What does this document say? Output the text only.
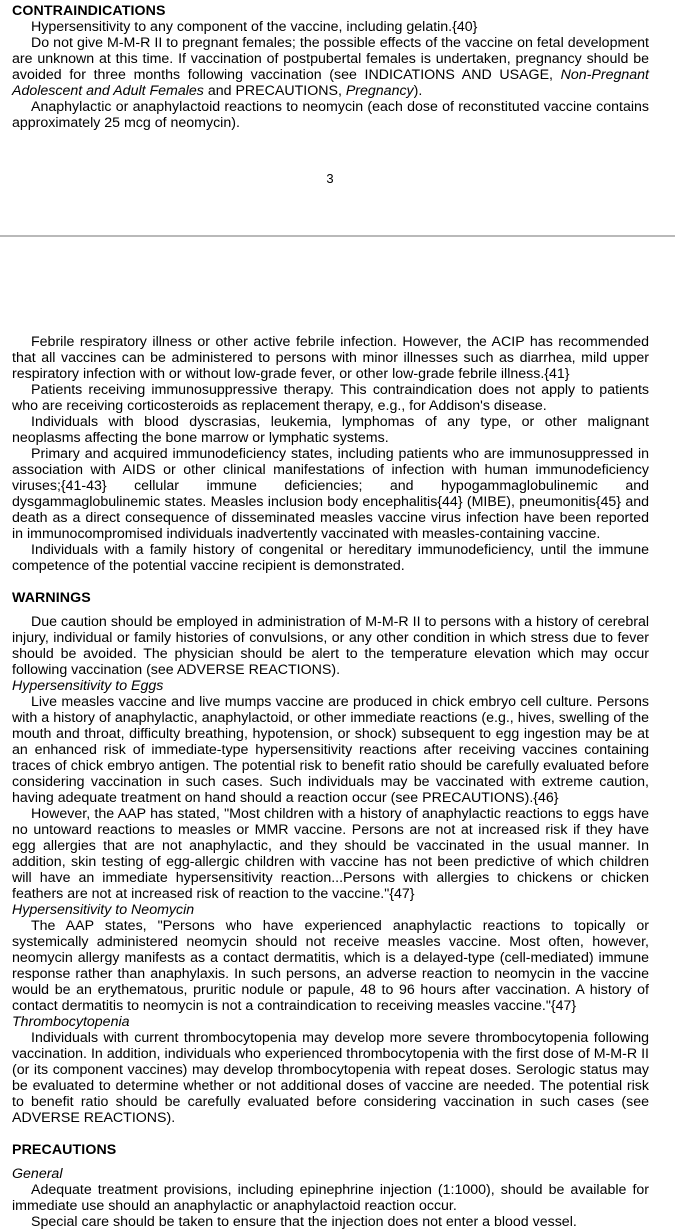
CONTRAINDICATIONS

Hypersensitivity to any component of the vaccine, including gelatin.{40}

Do not give M-M-R II to pregnant females; the possible effects of the vaccine on fetal development are unknown at this time. If vaccination of postpubertal females is undertaken, pregnancy should be avoided for three months following vaccination (see INDICATIONS AND USAGE, Non-Pregnant Adolescent and Adult Females and PRECAUTIONS, Pregnancy).

Anaphylactic or anaphylactoid reactions to neomycin (each dose of reconstituted vaccine contains approximately 25 mcg of neomycin).

3

Febrile respiratory illness or other active febrile infection. However, the ACIP has recommended that all vaccines can be administered to persons with minor illnesses such as diarrhea, mild upper respiratory infection with or without low-grade fever, or other low-grade febrile illness.{41}

Patients receiving immunosuppressive therapy. This contraindication does not apply to patients who are receiving corticosteroids as replacement therapy, e.g., for Addison's disease.

Individuals with blood dyscrasias, leukemia, lymphomas of any type, or other malignant neoplasms affecting the bone marrow or lymphatic systems.

Primary and acquired immunodeficiency states, including patients who are immunosuppressed in association with AIDS or other clinical manifestations of infection with human immunodeficiency viruses;{41-43} cellular immune deficiencies; and hypogammaglobulinemic and dysgammaglobulinemic states. Measles inclusion body encephalitis{44} (MIBE), pneumonitis{45} and death as a direct consequence of disseminated measles vaccine virus infection have been reported in immunocompromised individuals inadvertently vaccinated with measles-containing vaccine.

Individuals with a family history of congenital or hereditary immunodeficiency, until the immune competence of the potential vaccine recipient is demonstrated.

WARNINGS

Due caution should be employed in administration of M-M-R II to persons with a history of cerebral injury, individual or family histories of convulsions, or any other condition in which stress due to fever should be avoided. The physician should be alert to the temperature elevation which may occur following vaccination (see ADVERSE REACTIONS).

Hypersensitivity to Eggs

Live measles vaccine and live mumps vaccine are produced in chick embryo cell culture. Persons with a history of anaphylactic, anaphylactoid, or other immediate reactions (e.g., hives, swelling of the mouth and throat, difficulty breathing, hypotension, or shock) subsequent to egg ingestion may be at an enhanced risk of immediate-type hypersensitivity reactions after receiving vaccines containing traces of chick embryo antigen. The potential risk to benefit ratio should be carefully evaluated before considering vaccination in such cases. Such individuals may be vaccinated with extreme caution, having adequate treatment on hand should a reaction occur (see PRECAUTIONS).{46}

However, the AAP has stated, "Most children with a history of anaphylactic reactions to eggs have no untoward reactions to measles or MMR vaccine. Persons are not at increased risk if they have egg allergies that are not anaphylactic, and they should be vaccinated in the usual manner. In addition, skin testing of egg-allergic children with vaccine has not been predictive of which children will have an immediate hypersensitivity reaction...Persons with allergies to chickens or chicken feathers are not at increased risk of reaction to the vaccine."{47}

Hypersensitivity to Neomycin

The AAP states, "Persons who have experienced anaphylactic reactions to topically or systemically administered neomycin should not receive measles vaccine. Most often, however, neomycin allergy manifests as a contact dermatitis, which is a delayed-type (cell-mediated) immune response rather than anaphylaxis. In such persons, an adverse reaction to neomycin in the vaccine would be an erythematous, pruritic nodule or papule, 48 to 96 hours after vaccination. A history of contact dermatitis to neomycin is not a contraindication to receiving measles vaccine."{47}

Thrombocytopenia

Individuals with current thrombocytopenia may develop more severe thrombocytopenia following vaccination. In addition, individuals who experienced thrombocytopenia with the first dose of M-M-R II (or its component vaccines) may develop thrombocytopenia with repeat doses. Serologic status may be evaluated to determine whether or not additional doses of vaccine are needed. The potential risk to benefit ratio should be carefully evaluated before considering vaccination in such cases (see ADVERSE REACTIONS).

PRECAUTIONS
General

Adequate treatment provisions, including epinephrine injection (1:1000), should be available for immediate use should an anaphylactic or anaphylactoid reaction occur.

Special care should be taken to ensure that the injection does not enter a blood vessel.
